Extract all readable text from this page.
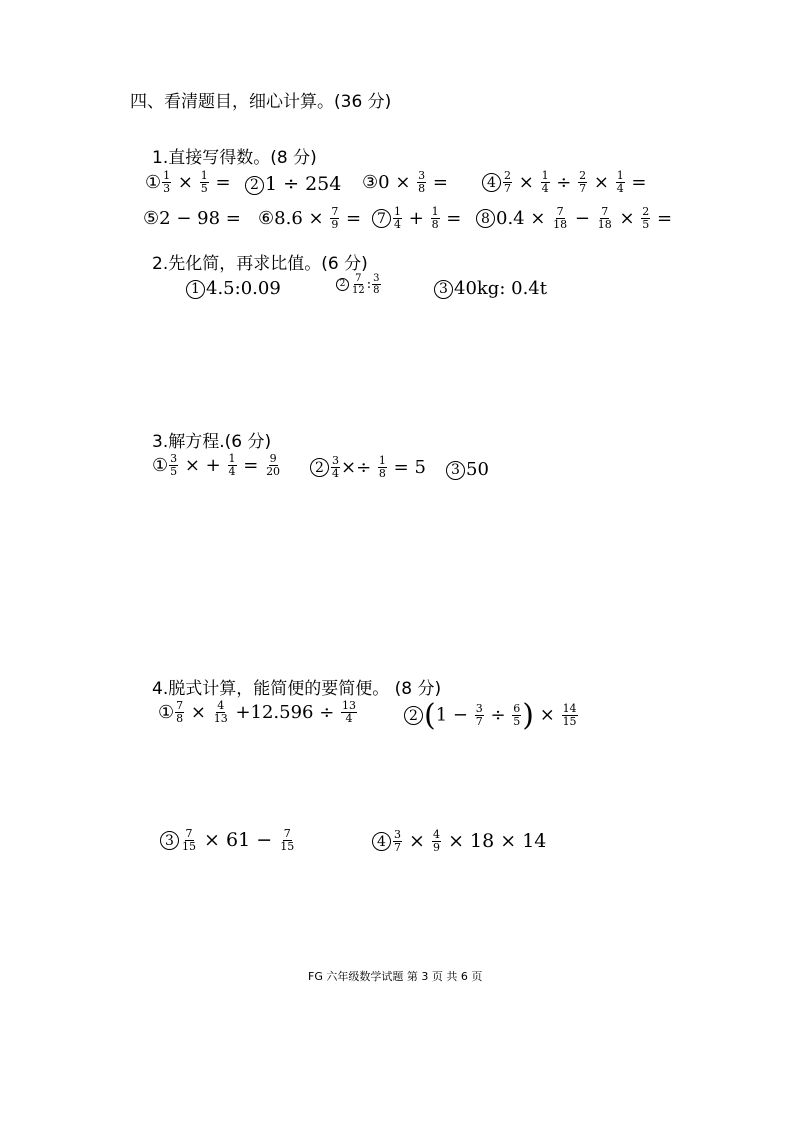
四、看清题目，细心计算。(36 分)
1.直接写得数。(8 分)
① $\frac{1}{3} \times \frac{1}{5}$ =	2 1 ÷ 254 ③0 × $\frac{3}{8}$ =	$4 \frac{2}{7} \times \frac{1}{4} \div \frac{2}{7} \times \frac{1}{4}$ =
⑤2 − 98 = ⑥8.6 × $\frac{7}{9}$ =	$7 \frac{1}{4} + \frac{1}{8}$ =	8 $0.4 \times \frac{7}{18} - \frac{7}{18} \times \frac{2}{5}$ =
2.先化简，再求比值。(6 分)
1 4.5:0.09	$2 \frac{7}{12}$ : $\frac{3}{8}$	3 40kg: 0.4t
3.解方程.(6 分)
① $\frac{3}{5}$ × + $\frac{1}{4} = \frac{9}{20}$	$2 \frac{3}{4} \times\div \frac{1}{8} = 5$	3 50
4.脱式计算，能简便的要简便。 (8 分)
① $\frac{7}{8} \times \frac{4}{13} +12.596 \div \frac{13}{4}$	2 ($1 - \frac{3}{7} \div \frac{6}{5}$ ) × $\frac{14}{15}$
$3 \frac{7}{15} \times 61 - \frac{7}{15}$	$4 \frac{3}{7} \times \frac{4}{9} \times 18 \times 14$
FG 六年级数学试题 第 3 页 共 6 页
